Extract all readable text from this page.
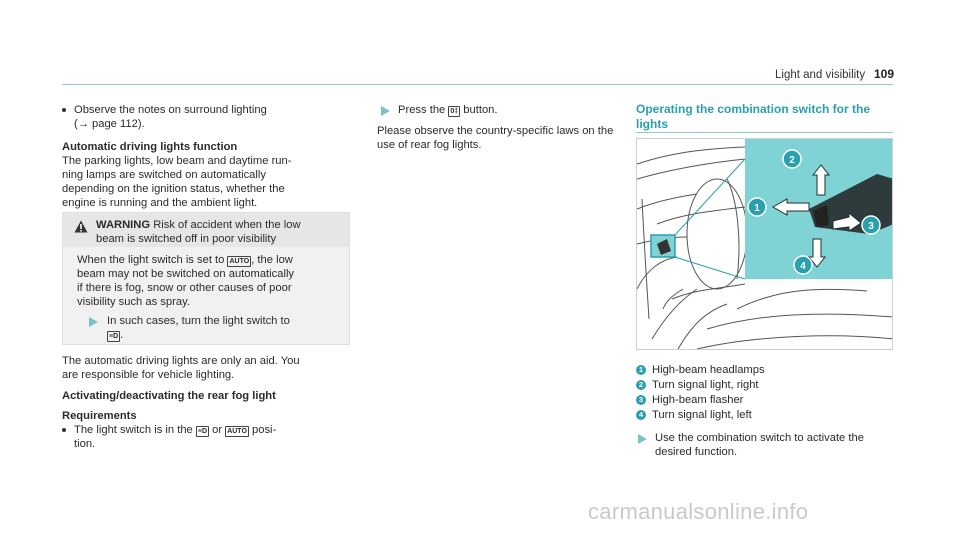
Light and visibility 109
Observe the notes on surround lighting
(→ page 112).
Automatic driving lights function
The parking lights, low beam and daytime run-
ning lamps are switched on automatically
depending on the ignition status, whether the
engine is running and the ambient light.
WARNING Risk of accident when the low
beam is switched off in poor visibility
When the light switch is set to AUTO , the low
beam may not be switched on automatically
if there is fog, snow or other causes of poor
visibility such as spray.
In such cases, turn the light switch to
≡D .
The automatic driving lights are only an aid. You
are responsible for vehicle lighting.
Activating/deactivating the rear fog light
Requirements
The light switch is in the ≡D or AUTO posi-
tion.
Press the 0‡ button.
Please observe the country-specific laws on the
use of rear fog lights.
Operating the combination switch for the
lights
1
2
3
4
1 High-beam headlamps
2 Turn signal light, right
3 High-beam flasher
4 Turn signal light, left
Use the combination switch to activate the
desired function.
carmanualsonline.info
